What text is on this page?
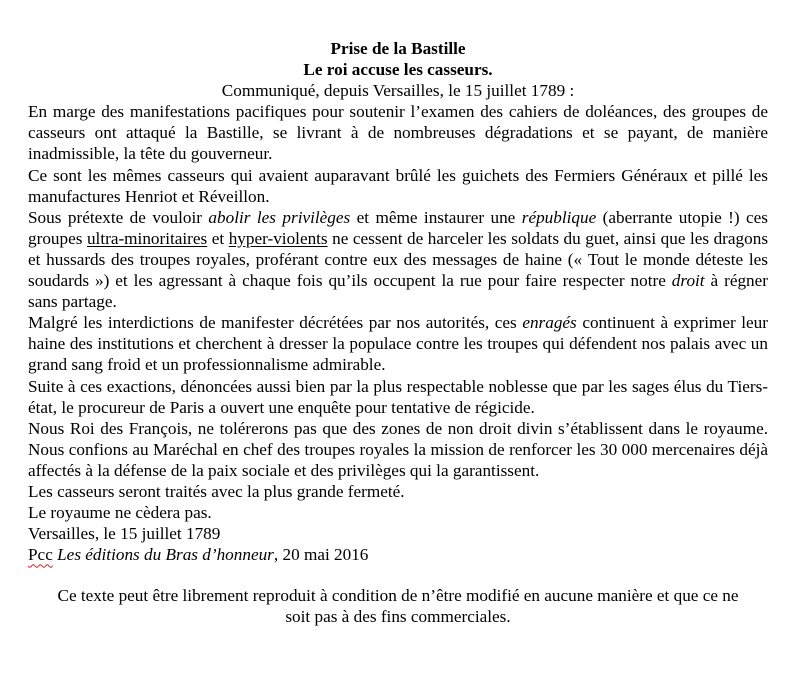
Prise de la Bastille
Le roi accuse les casseurs.
Communiqué, depuis Versailles, le 15 juillet 1789 :
En marge des manifestations pacifiques pour soutenir l’examen des cahiers de doléances, des groupes de casseurs ont attaqué la Bastille, se livrant à de nombreuses dégradations et se payant, de manière inadmissible, la tête du gouverneur.
Ce sont les mêmes casseurs qui avaient auparavant brûlé les guichets des Fermiers Généraux et pillé les manufactures Henriot et Réveillon.
Sous prétexte de vouloir abolir les privilèges et même instaurer une république (aberrante utopie !) ces groupes ultra-minoritaires et hyper-violents ne cessent de harceler les soldats du guet, ainsi que les dragons et hussards des troupes royales, proférant contre eux des messages de haine (« Tout le monde déteste les soudards ») et les agressant à chaque fois qu’ils occupent la rue pour faire respecter notre droit à régner sans partage.
Malgré les interdictions de manifester décrétées par nos autorités, ces enragés continuent à exprimer leur haine des institutions et cherchent à dresser la populace contre les troupes qui défendent nos palais avec un grand sang froid et un professionnalisme admirable.
Suite à ces exactions, dénoncées aussi bien par la plus respectable noblesse que par les sages élus du Tiers-état, le procureur de Paris a ouvert une enquête pour tentative de régicide.
Nous Roi des François, ne tolérerons pas que des zones de non droit divin s’établissent dans le royaume. Nous confions au Maréchal en chef des troupes royales la mission de renforcer les 30 000 mercenaires déjà affectés à la défense de la paix sociale et des privilèges qui la garantissent.
Les casseurs seront traités avec la plus grande fermeté.
Le royaume ne cèdera pas.
Versailles, le 15 juillet 1789
Pcc Les éditions du Bras d’honneur, 20 mai 2016
Ce texte peut être librement reproduit à condition de n’être modifié en aucune manière et que ce ne soit pas à des fins commerciales.
